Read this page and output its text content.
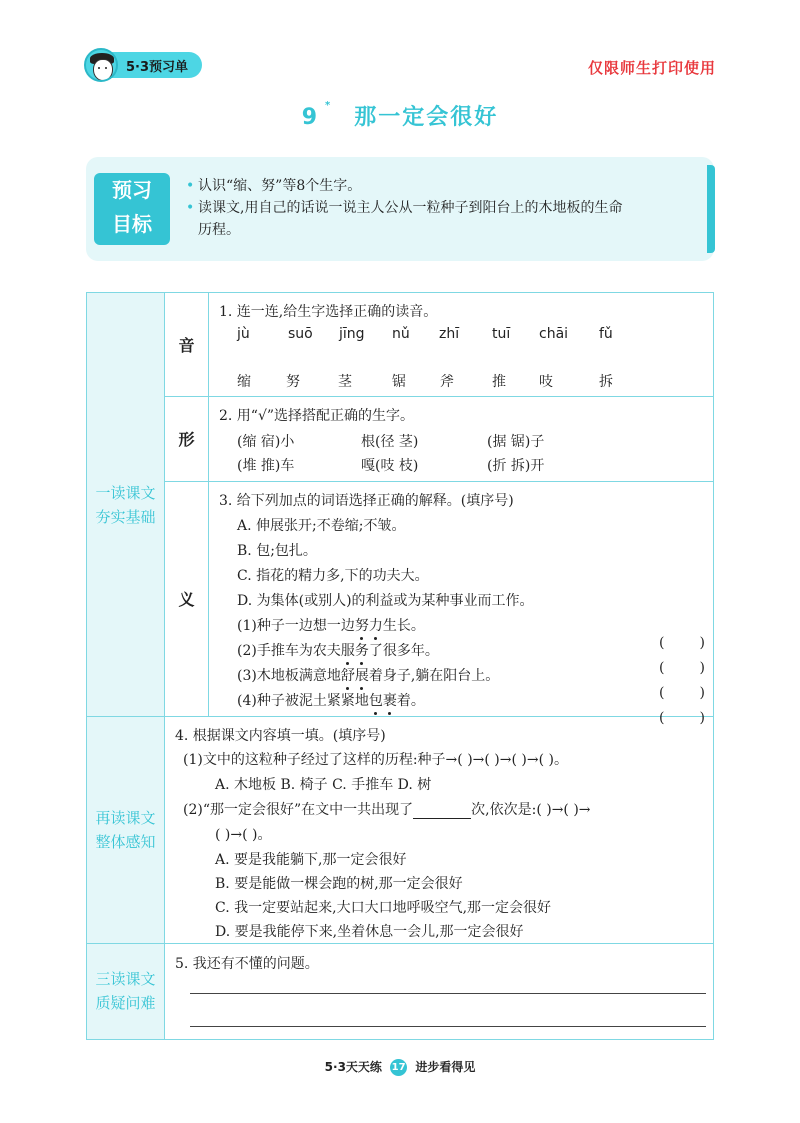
5·3预习单	仅限师生打印使用
9 * 那一定会很好
预习
目标
• 认识“缩、努”等8个生字。
• 读课文,用自己的话说一说主人公从一粒种子到阳台上的木地板的生命
历程。
一读课文
夯实基础
再读课文
整体感知
三读课文
质疑问难
音
形
义
1. 连一连,给生字选择正确的读音。
jù	suō jīng nǔ zhī tuī chāi fǔ
缩	努	茎	锯 斧	推 吱	拆
2. 用“√”选择搭配正确的生字。
(缩 宿)小	根(径 茎)	(据 锯)子
(堆 推)车	嘎(吱 枝)	(折 拆)开
3. 给下列加点的词语选择正确的解释。(填序号)
A. 伸展张开;不卷缩;不皱。
B. 包;包扎。
C. 指花的精力多,下的功夫大。
D. 为集体(或别人)的利益或为某种事业而工作。
(1)种子一边想一边努力生长。
(	)
(2)手推车为农夫服务了很多年。
(	)
(3)木地板满意地舒展着身子,躺在阳台上。
(	)
(4)种子被泥土紧紧地包裹着。
(	)
4. 根据课文内容填一填。(填序号)
(1)文中的这粒种子经过了这样的历程:种子→( )→( )→( )→( )。
A. 木地板 B. 椅子 C. 手推车 D. 树
(2)“那一定会很好”在文中一共出现了	次,依次是:( )→( )→
( )→( )。
A. 要是我能躺下,那一定会很好
B. 要是能做一棵会跑的树,那一定会很好
C. 我一定要站起来,大口大口地呼吸空气,那一定会很好
D. 要是我能停下来,坐着休息一会儿,那一定会很好
5. 我还有不懂的问题。
5·3天天练 17 进步看得见
